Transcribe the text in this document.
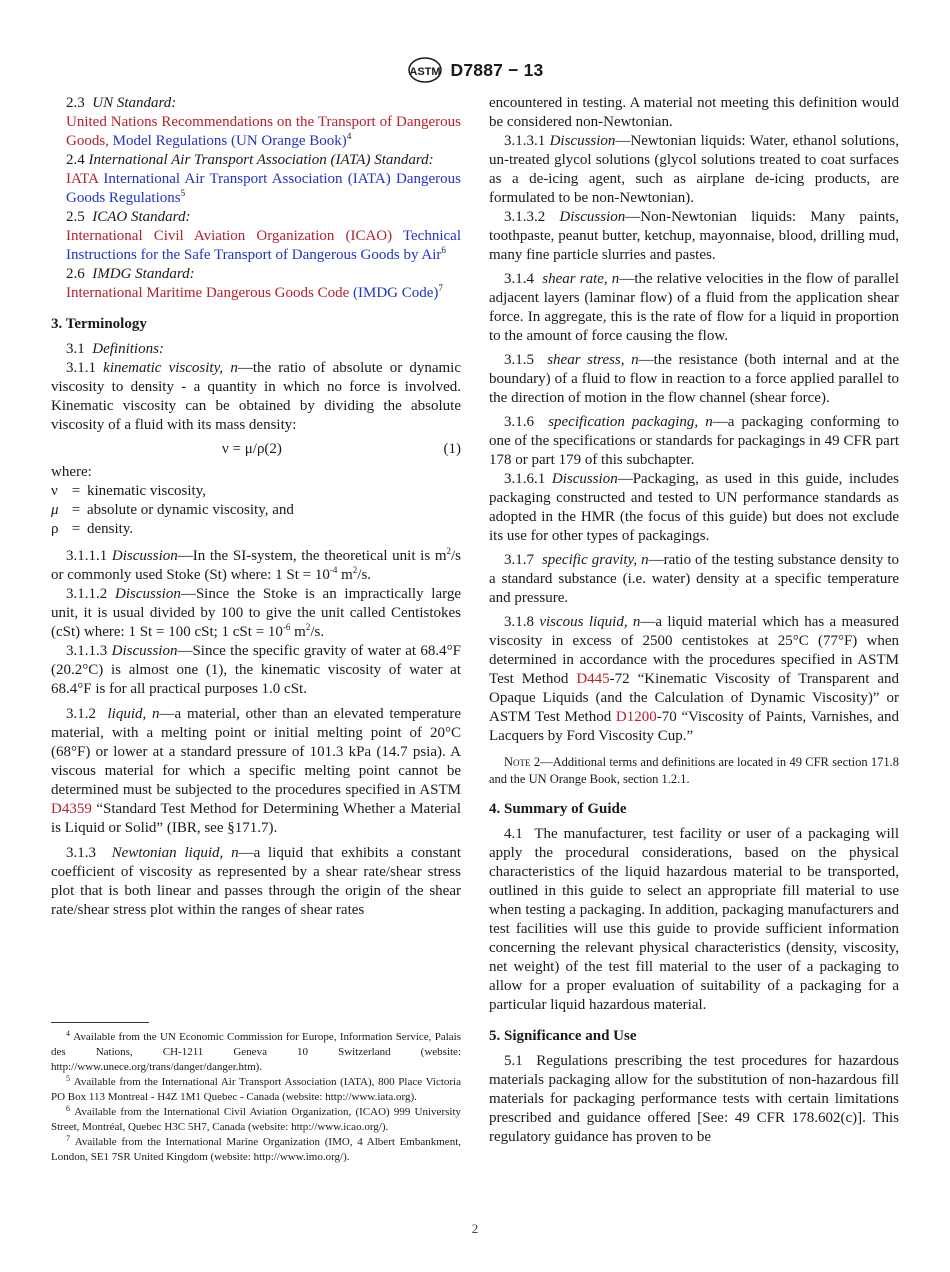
ASTM D7887 − 13

2.3 UN Standard:

United Nations Recommendations on the Transport of Dangerous Goods, Model Regulations (UN Orange Book)$^4$

2.4 International Air Transport Association (IATA) Standard:

IATA International Air Transport Association (IATA) Dangerous Goods Regulations$^5$

2.5 ICAO Standard:

International Civil Aviation Organization (ICAO) Technical Instructions for the Safe Transport of Dangerous Goods by Air$^6$

2.6 IMDG Standard:

International Maritime Dangerous Goods Code (IMDG Code)$^7$

3. Terminology

3.1 Definitions:

3.1.1 kinematic viscosity, n—the ratio of absolute or dynamic viscosity to density - a quantity in which no force is involved. Kinematic viscosity can be obtained by dividing the absolute viscosity of a fluid with its mass density:

ν = μ/ρ(2)	(1)

where:

ν	=	kinematic viscosity,
μ	=	absolute or dynamic viscosity, and
ρ	=	density.

3.1.1.1 Discussion—In the SI-system, the theoretical unit is $m^2/s$ or commonly used Stoke (St) where: 1 $St = 10^{-4}$ $m^2/s$.

3.1.1.2 Discussion—Since the Stoke is an impractically large unit, it is usual divided by 100 to give the unit called Centistokes (cSt) where: 1 St = 100 cSt; 1 cSt = $10^{-6}$ $m^2/s$.

3.1.1.3 Discussion—Since the specific gravity of water at 68.4°F (20.2°C) is almost one (1), the kinematic viscosity of water at 68.4°F is for all practical purposes 1.0 cSt.

3.1.2 liquid, n—a material, other than an elevated temperature material, with a melting point or initial melting point of 20°C (68°F) or lower at a standard pressure of 101.3 kPa (14.7 psia). A viscous material for which a specific melting point cannot be determined must be subjected to the procedures specified in ASTM D4359 “Standard Test Method for Determining Whether a Material is Liquid or Solid” (IBR, see §171.7).

3.1.3 Newtonian liquid, n—a liquid that exhibits a constant coefficient of viscosity as represented by a shear rate/shear stress plot that is both linear and passes through the origin of the shear rate/shear stress plot within the ranges of shear rates

$^4$ Available from the UN Economic Commission for Europe, Information Service, Palais des Nations, CH-1211 Geneva 10 Switzerland (website: http://www.unece.org/trans/danger/danger.htm).

$^5$ Available from the International Air Transport Association (IATA), 800 Place Victoria PO Box 113 Montreal - H4Z 1M1 Quebec - Canada (website: http://www.iata.org).

$^6$ Available from the International Civil Aviation Organization, (ICAO) 999 University Street, Montréal, Quebec H3C 5H7, Canada (website: http://www.icao.org/).

$^7$ Available from the International Marine Organization (IMO, 4 Albert Embankment, London, SE1 7SR United Kingdom (website: http://www.imo.org/).

encountered in testing. A material not meeting this definition would be considered non-Newtonian.

3.1.3.1 Discussion—Newtonian liquids: Water, ethanol solutions, un-treated glycol solutions (glycol solutions treated to coat surfaces as a de-icing agent, such as airplane de-icing products, are formulated to be non-Newtonian).

3.1.3.2 Discussion—Non-Newtonian liquids: Many paints, toothpaste, peanut butter, ketchup, mayonnaise, blood, drilling mud, many fine particle slurries and pastes.

3.1.4 shear rate, n—the relative velocities in the flow of parallel adjacent layers (laminar flow) of a fluid from the application shear force. In aggregate, this is the rate of flow for a liquid in proportion to the amount of force causing the flow.

3.1.5 shear stress, n—the resistance (both internal and at the boundary) of a fluid to flow in reaction to a force applied parallel to the direction of motion in the flow channel (shear force).

3.1.6 specification packaging, n—a packaging conforming to one of the specifications or standards for packagings in 49 CFR part 178 or part 179 of this subchapter.

3.1.6.1 Discussion—Packaging, as used in this guide, includes packaging constructed and tested to UN performance standards as adopted in the HMR (the focus of this guide) but does not exclude its use for other types of packagings.

3.1.7 specific gravity, n—ratio of the testing substance density to a standard substance (i.e. water) density at a specific temperature and pressure.

3.1.8 viscous liquid, n—a liquid material which has a measured viscosity in excess of 2500 centistokes at 25°C (77°F) when determined in accordance with the procedures specified in ASTM Test Method D445-72 “Kinematic Viscosity of Transparent and Opaque Liquids (and the Calculation of Dynamic Viscosity)” or ASTM Test Method D1200-70 “Viscosity of Paints, Varnishes, and Lacquers by Ford Viscosity Cup.”

Note 2—Additional terms and definitions are located in 49 CFR section 171.8 and the UN Orange Book, section 1.2.1.

4. Summary of Guide

4.1 The manufacturer, test facility or user of a packaging will apply the procedural considerations, based on the physical characteristics of the liquid hazardous material to be transported, outlined in this guide to select an appropriate fill material to use when testing a packaging. In addition, packaging manufacturers and test facilities will use this guide to provide sufficient information concerning the relevant physical characteristics (density, viscosity, net weight) of the test fill material to the user of a packaging to allow for a proper evaluation of suitability of a packaging for a particular liquid hazardous material.

5. Significance and Use

5.1 Regulations prescribing the test procedures for hazardous materials packaging allow for the substitution of non-hazardous fill materials for packaging performance tests with certain limitations prescribed and guidance offered [See: 49 CFR 178.602(c)]. This regulatory guidance has proven to be

2
